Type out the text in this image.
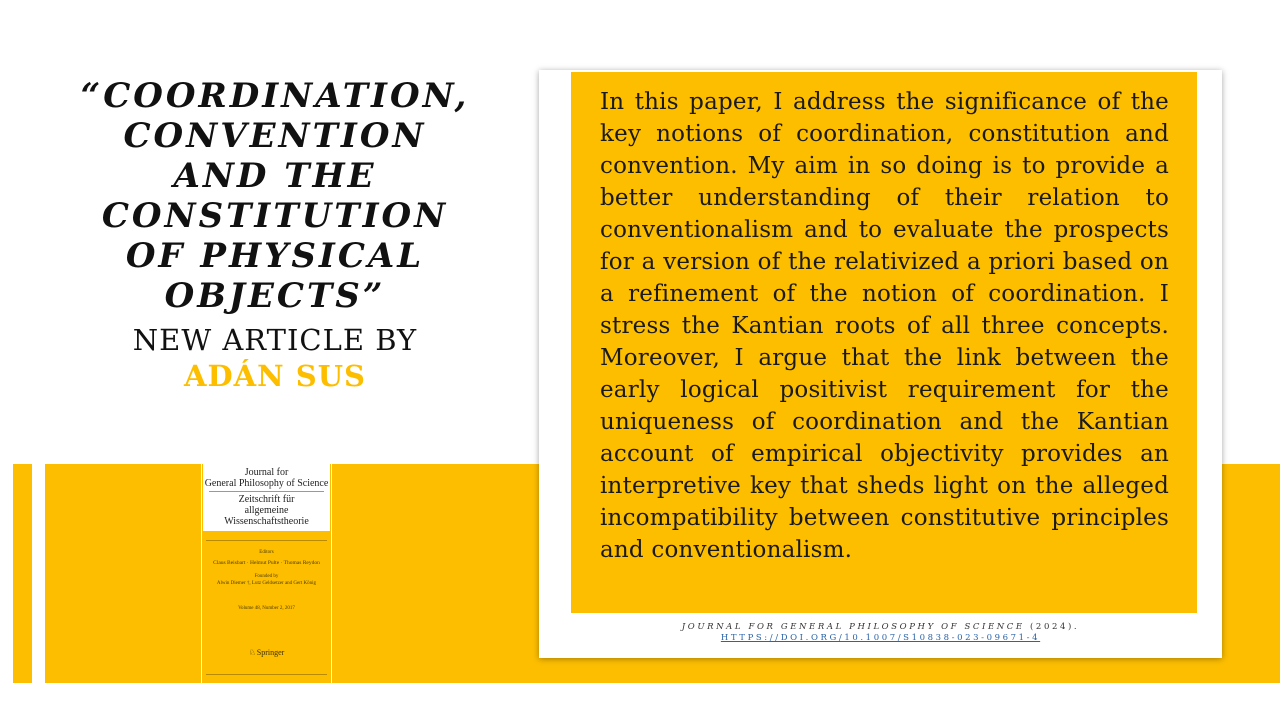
“COORDINATION,
CONVENTION
AND THE
CONSTITUTION
OF PHYSICAL
OBJECTS”
NEW ARTICLE BY
ADÁN SUS
Journal for
General Philosophy of Science
Zeitschrift für
allgemeine Wissenschaftstheorie
Editors
Claus Beisbart · Helmut Pulte · Thomas Reydon
Founded by
Alwin Diemer †, Lutz Geldsetzer and Gert König
Volume 48, Number 2, 2017
♘Springer

In this paper, I address the significance of the key notions of coordination, constitution and convention. My aim in so doing is to provide a better understanding of their relation to conventionalism and to evaluate the prospects for a version of the relativized a priori based on a refinement of the notion of coordination. I stress the Kantian roots of all three concepts. Moreover, I argue that the link between the early logical positivist requirement for the uniqueness of coordination and the Kantian account of empirical objectivity provides an interpretive key that sheds light on the alleged incompatibility between constitutive principles and conventionalism.

JOURNAL FOR GENERAL PHILOSOPHY OF SCIENCE (2024).
HTTPS://DOI.ORG/10.1007/S10838-023-09671-4
